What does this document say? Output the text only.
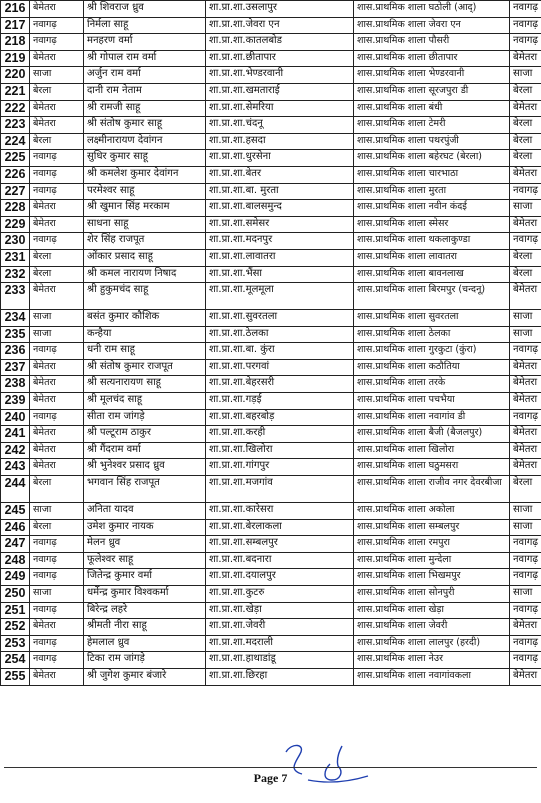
216	बेमेतरा	श्री शिवराज ध्रुव	शा.प्रा.शा.उसलापुर	शास.प्राथमिक शाला घठोली (आद्)	नवागढ़
217	नवागढ़	निर्मला साहू	शा.प्रा.शा.जेवरा एन	शास.प्राथमिक शाला जेवरा एन	नवागढ़
218	नवागढ़	मनहरण वर्मा	शा.प्रा.शा.कातलबोड	शास.प्राथमिक शाला पौसरी	नवागढ़
219	बेमेतरा	श्री गोपाल राम वर्मा	शा.प्रा.शा.छीतापार	शास.प्राथमिक शाला छीतापार	बेमेतरा
220	साजा	अर्जुन राम वर्मा	शा.प्रा.शा.भेण्डरवानी	शास.प्राथमिक शाला भेण्डरवानी	साजा
221	बेरला	दानी राम नेताम	शा.प्रा.शा.खमताराई	शास.प्राथमिक शाला सूरजपुरा डी	बेरला
222	बेमेतरा	श्री रामजी साहू	शा.प्रा.शा.सेमरिया	शास.प्राथमिक शाला बंधी	बेमेतरा
223	बेमेतरा	श्री संतोष कुमार साहू	शा.प्रा.शा.चंदनू	शास.प्राथमिक शाला टेमरी	बेरला
224	बेरला	लक्ष्मीनारायण देवांगन	शा.प्रा.शा.हसदा	शास.प्राथमिक शाला पथरपुंजी	बेरला
225	नवागढ़	सुधिर कुमार साहू	शा.प्रा.शा.धुरसेना	शास.प्राथमिक शाला बहेरघट (बेरला)	बेरला
226	नवागढ़	श्री कमलेश कुमार देवांगन	शा.प्रा.शा.बेतर	शास.प्राथमिक शाला चारभाठा	बेमेतरा
227	नवागढ़	परमेश्वर साहू	शा.प्रा.शा.बा. मुरता	शास.प्राथमिक शाला मुरता	नवागढ़
228	बेमेतरा	श्री खुमान सिंह मरकाम	शा.प्रा.शा.बालसमुन्द	शास.प्राथमिक शाला नवीन कंदई	साजा
229	बेमेतरा	साधना साहू	शा.प्रा.शा.समेसर	शास.प्राथमिक शाला स्मेसर	बेमेतरा
230	नवागढ़	शेर सिंह राजपूत	शा.प्रा.शा.मदनपुर	शास.प्राथमिक शाला थकलाकुण्डा	नवागढ़
231	बेरला	ओंकार प्रसाद साहू	शा.प्रा.शा.लावातरा	शास.प्राथमिक शाला लावातरा	बेरला
232	बेरला	श्री कमल नारायण निषाद	शा.प्रा.शा.भैंसा	शास.प्राथमिक शाला बावनलाख	बेरला
233	बेमेतरा	श्री हुकुमचंद साहू	शा.प्रा.शा.मूलमूला	शास.प्राथमिक शाला बिरमपुर (चन्दनू)	बेमेतरा
234	साजा	बसंत कुमार कौशिक	शा.प्रा.शा.सुवरतला	शास.प्राथमिक शाला सुवरतला	साजा
235	साजा	कन्हैया	शा.प्रा.शा.ठेलका	शास.प्राथमिक शाला ठेलका	साजा
236	नवागढ़	धनी राम साहू	शा.प्रा.शा.बा. कुंरा	शास.प्राथमिक शाला गुरकुटा (कुंरा)	नवागढ़
237	बेमेतरा	श्री संतोष कुमार राजपूत	शा.प्रा.शा.परगवां	शास.प्राथमिक शाला कठौतिया	बेमेतरा
238	बेमेतरा	श्री सत्यनारायण साहू	शा.प्रा.शा.बेहरसरी	शास.प्राथमिक शाला तरके	बेमेतरा
239	बेमेतरा	श्री मूलचंद साहू	शा.प्रा.शा.गड़ई	शास.प्राथमिक शाला पचभैया	बेमेतरा
240	नवागढ़	सीता राम जांगड़े	शा.प्रा.शा.बहरबोड़	शास.प्राथमिक शाला नवागांव डी	नवागढ़
241	बेमेतरा	श्री पल्टूराम ठाकुर	शा.प्रा.शा.करही	शास.प्राथमिक शाला बैजी (बैजलपुर)	बेमेतरा
242	बेमेतरा	श्री गैंदराम वर्मा	शा.प्रा.शा.खिलोरा	शास.प्राथमिक शाला खिलोरा	बेमेतरा
243	बेमेतरा	श्री भुनेश्वर प्रसाद ध्रुव	शा.प्रा.शा.गांगपुर	शास.प्राथमिक शाला घठुमसरा	बेमेतरा
244	बेरला	भगवान सिंह राजपूत	शा.प्रा.शा.मजगांव	शास.प्राथमिक शाला राजीव नगर देवरबीजा	बेरला
245	साजा	अनिता यादव	शा.प्रा.शा.कारेसरा	शास.प्राथमिक शाला अकोला	साजा
246	बेरला	उमेश कुमार नायक	शा.प्रा.शा.बेरलाकला	शास.प्राथमिक शाला सम्बलपुर	साजा
247	नवागढ़	मेलन ध्रुव	शा.प्रा.शा.सम्बलपुर	शास.प्राथमिक शाला रमपुरा	नवागढ़
248	नवागढ़	फूलेश्वर साहू	शा.प्रा.शा.बदनारा	शास.प्राथमिक शाला मुन्देला	नवागढ़
249	नवागढ़	जितेन्द्र कुमार वर्मा	शा.प्रा.शा.दयालपुर	शास.प्राथमिक शाला भिखमपुर	नवागढ़
250	साजा	धर्मेन्द्र कुमार विश्वकर्मा	शा.प्रा.शा.कुटरु	शास.प्राथमिक शाला सोनपुरी	साजा
251	नवागढ़	बिरेन्द्र लहरे	शा.प्रा.शा.खेड़ा	शास.प्राथमिक शाला खेड़ा	नवागढ़
252	बेमेतरा	श्रीमती नीरा साहू	शा.प्रा.शा.जेवरी	शास.प्राथमिक शाला जेवरी	बेमेतरा
253	नवागढ़	हेमलाल ध्रुव	शा.प्रा.शा.मदराली	शास.प्राथमिक शाला लालपुर (हरदी)	नवागढ़
254	नवागढ़	टिका राम जांगड़े	शा.प्रा.शा.हाथाडांडू	शास.प्राथमिक शाला नेउर	नवागढ़
255	बेमेतरा	श्री जुगेश कुमार बंजारे	शा.प्रा.शा.छिरहा	शास.प्राथमिक शाला नवागांवकला	बेमेतरा
Page 7
